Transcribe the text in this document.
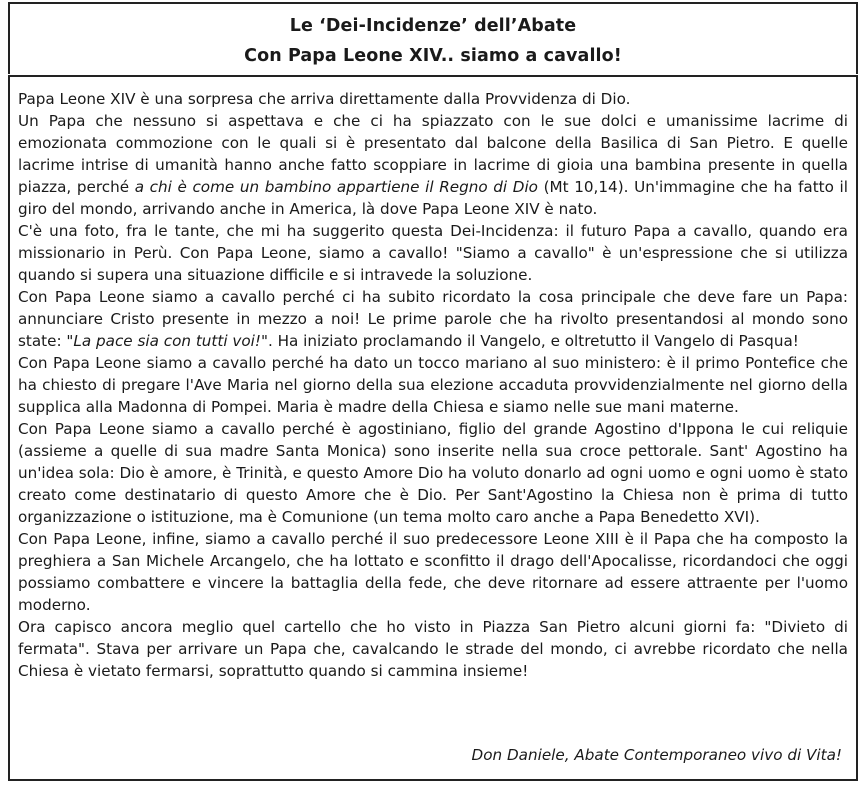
Le ‘Dei-Incidenze’ dell’Abate
Con Papa Leone XIV.. siamo a cavallo!

Papa Leone XIV è una sorpresa che arriva direttamente dalla Provvidenza di Dio.

Un Papa che nessuno si aspettava e che ci ha spiazzato con le sue dolci e umanissime lacrime di emozionata commozione con le quali si è presentato dal balcone della Basilica di San Pietro. E quelle lacrime intrise di umanità hanno anche fatto scoppiare in lacrime di gioia una bambina presente in quella piazza, perché a chi è come un bambino appartiene il Regno di Dio (Mt 10,14). Un'immagine che ha fatto il giro del mondo, arrivando anche in America, là dove Papa Leone XIV è nato.

C'è una foto, fra le tante, che mi ha suggerito questa Dei-Incidenza: il futuro Papa a cavallo, quando era missionario in Perù. Con Papa Leone, siamo a cavallo! "Siamo a cavallo" è un'espressione che si utilizza quando si supera una situazione difficile e si intravede la soluzione.

Con Papa Leone siamo a cavallo perché ci ha subito ricordato la cosa principale che deve fare un Papa: annunciare Cristo presente in mezzo a noi! Le prime parole che ha rivolto presentandosi al mondo sono state: "La pace sia con tutti voi!". Ha iniziato proclamando il Vangelo, e oltretutto il Vangelo di Pasqua!

Con Papa Leone siamo a cavallo perché ha dato un tocco mariano al suo ministero: è il primo Pontefice che ha chiesto di pregare l'Ave Maria nel giorno della sua elezione accaduta provvidenzialmente nel giorno della supplica alla Madonna di Pompei. Maria è madre della Chiesa e siamo nelle sue mani materne.

Con Papa Leone siamo a cavallo perché è agostiniano, figlio del grande Agostino d'Ippona le cui reliquie (assieme a quelle di sua madre Santa Monica) sono inserite nella sua croce pettorale. Sant' Agostino ha un'idea sola: Dio è amore, è Trinità, e questo Amore Dio ha voluto donarlo ad ogni uomo e ogni uomo è stato creato come destinatario di questo Amore che è Dio. Per Sant'Agostino la Chiesa non è prima di tutto organizzazione o istituzione, ma è Comunione (un tema molto caro anche a Papa Benedetto XVI).

Con Papa Leone, infine, siamo a cavallo perché il suo predecessore Leone XIII è il Papa che ha composto la preghiera a San Michele Arcangelo, che ha lottato e sconfitto il drago dell'Apocalisse, ricordandoci che oggi possiamo combattere e vincere la battaglia della fede, che deve ritornare ad essere attraente per l'uomo moderno.

Ora capisco ancora meglio quel cartello che ho visto in Piazza San Pietro alcuni giorni fa: "Divieto di fermata". Stava per arrivare un Papa che, cavalcando le strade del mondo, ci avrebbe ricordato che nella Chiesa è vietato fermarsi, soprattutto quando si cammina insieme!

Don Daniele, Abate Contemporaneo vivo di Vita!
